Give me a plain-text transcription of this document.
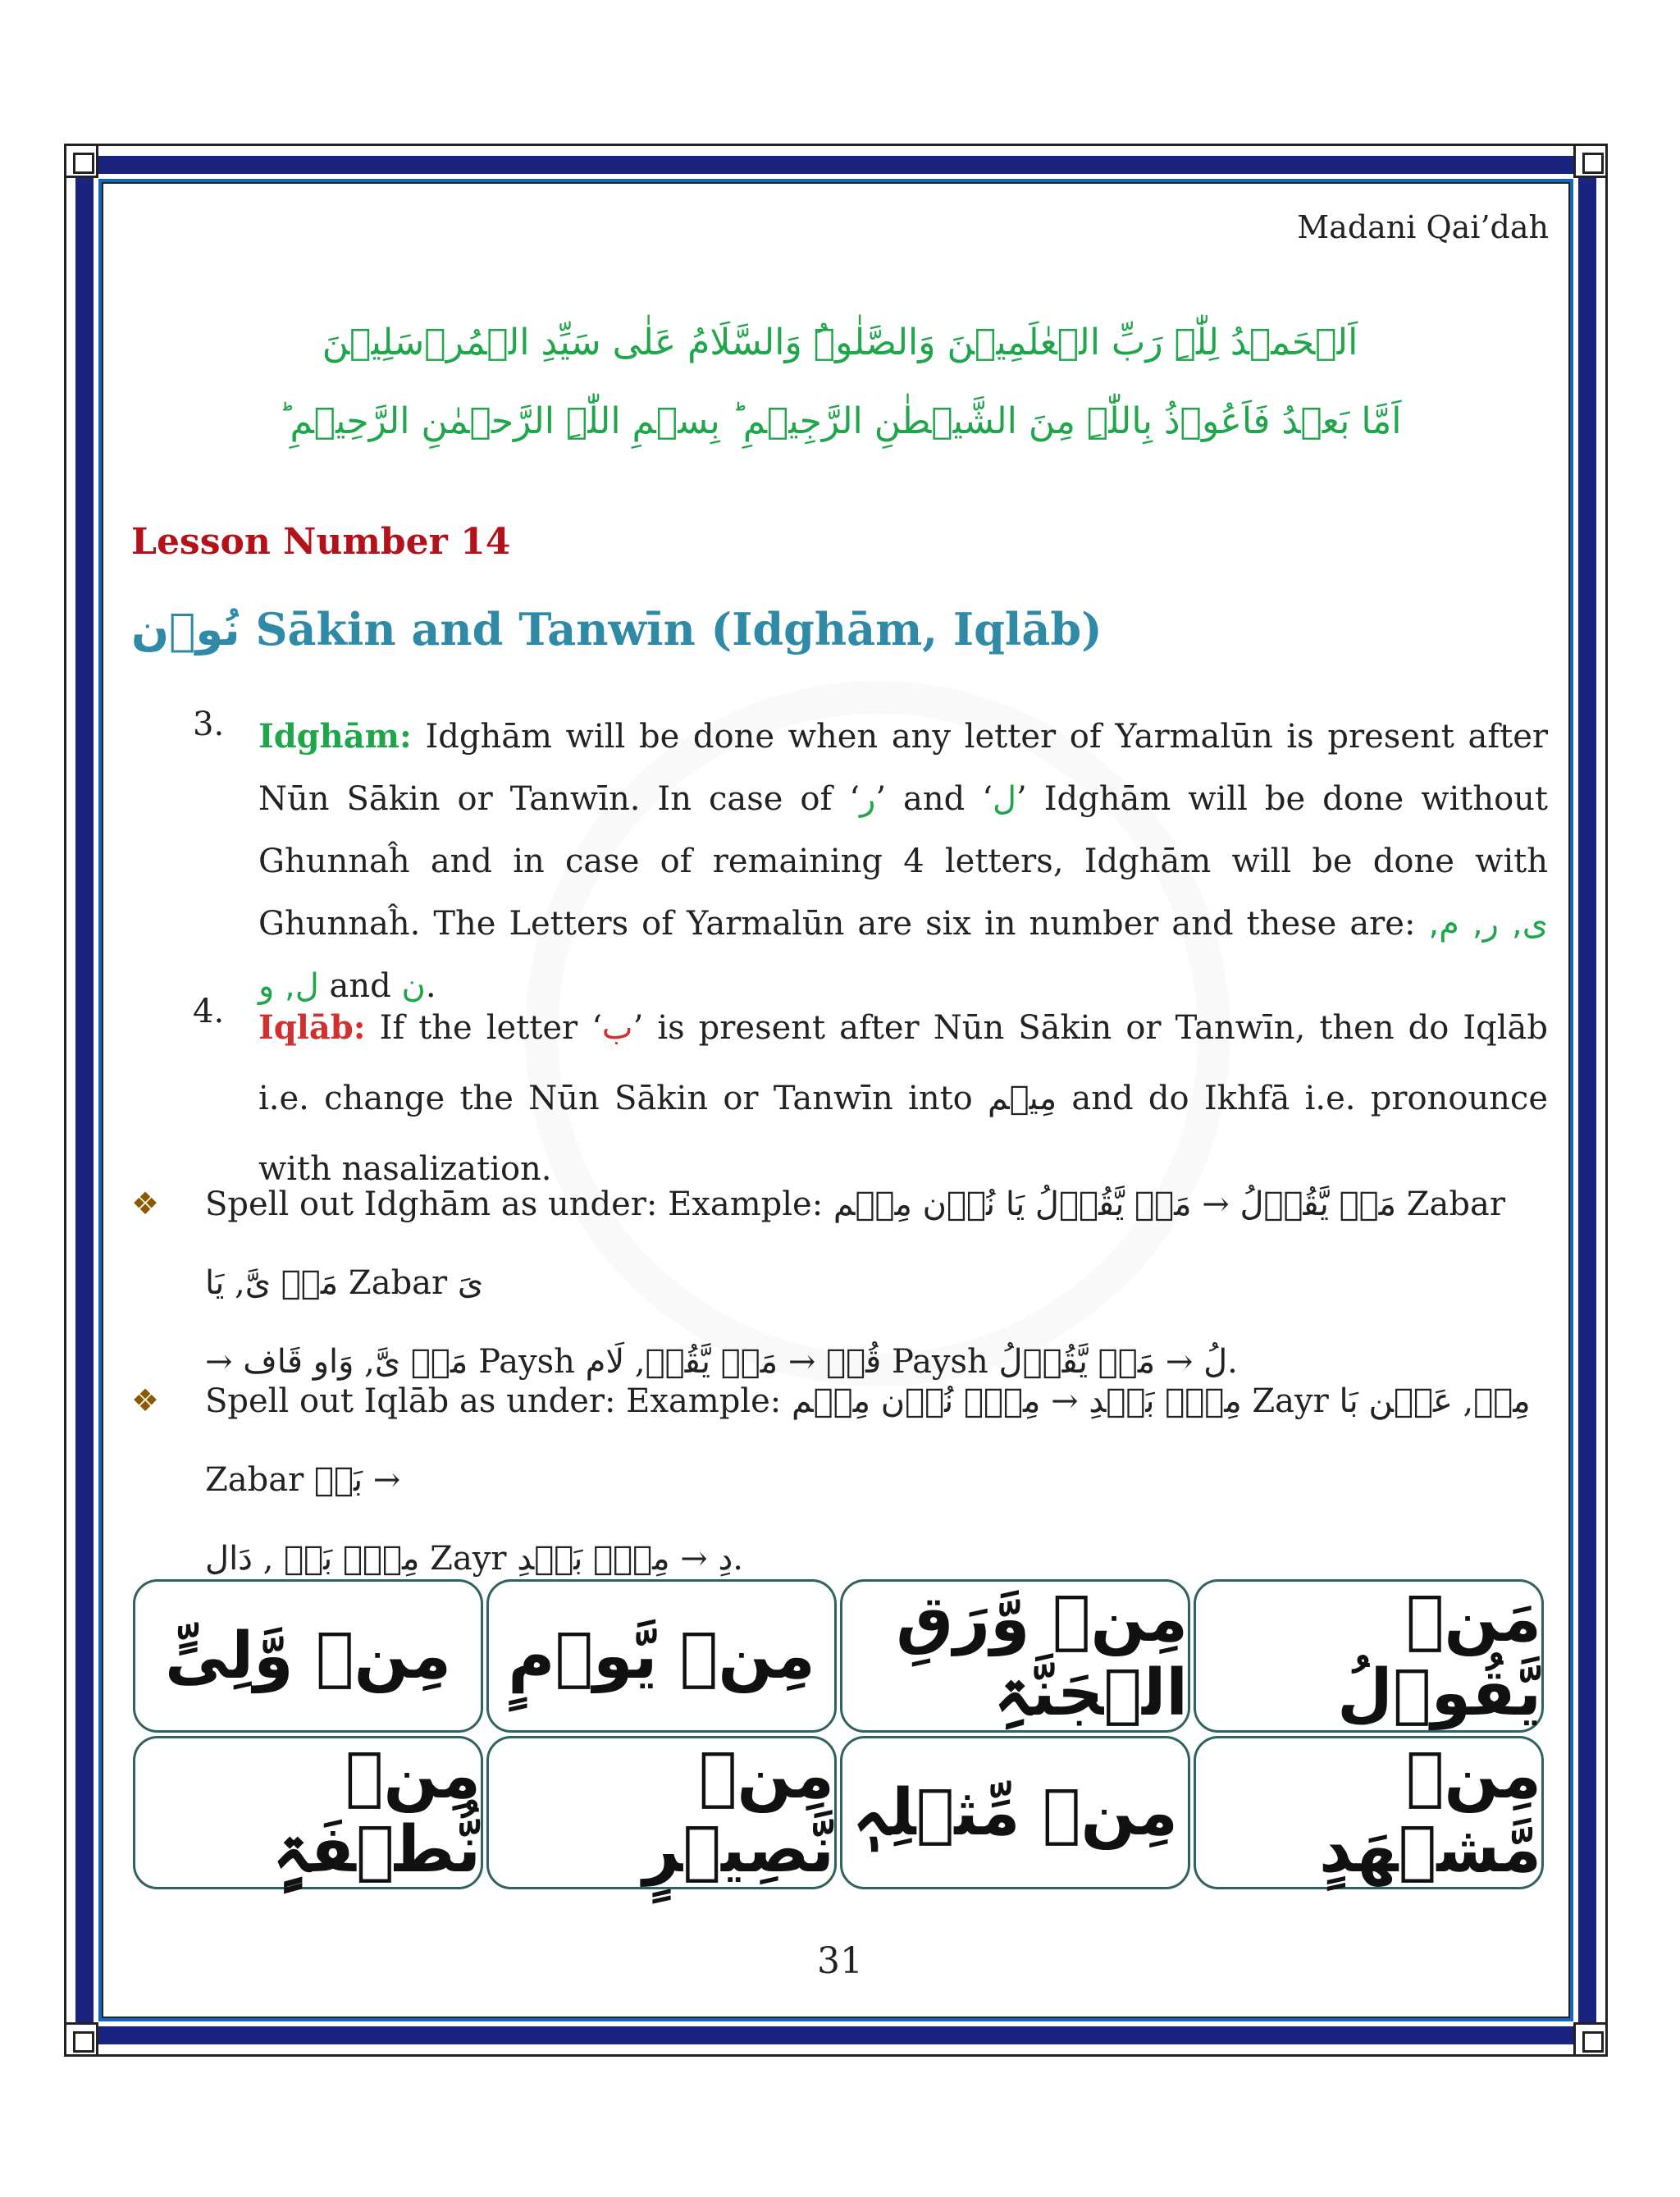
Madani Qai’dah
اَلۡحَمۡدُ لِلّٰہِ رَبِّ الۡعٰلَمِیۡنَ وَالصَّلٰوۃُ وَالسَّلَامُ عَلٰی سَیِّدِ الۡمُرۡسَلِیۡنَ
اَمَّا بَعۡدُ فَاَعُوۡذُ بِاللّٰہِ مِنَ الشَّیۡطٰنِ الرَّجِیۡمِ ؕ بِسۡمِ اللّٰہِ الرَّحۡمٰنِ الرَّحِیۡمِ ؕ
Lesson Number 14
نُوۡن Sākin and Tanwīn (Idghām, Iqlāb)
3. Idghām: Idghām will be done when any letter of Yarmalūn is present after Nūn Sākin or Tanwīn. In case of ‘ر’ and ‘ل’ Idghām will be done without Ghunnaĥ and in case of remaining 4 letters, Idghām will be done with Ghunnaĥ. The Letters of Yarmalūn are six in number and these are: ی, ر, م, ل, و and ن.
4. Iqlāb: If the letter ‘ب’ is present after Nūn Sākin or Tanwīn, then do Iqlāb i.e. change the Nūn Sākin or Tanwīn into مِیۡم and do Ikhfā i.e. pronounce with nasalization.
❖ Spell out Idghām as under: Example: مَنۡ یَّقُوۡلُ → مَنۡ یَّقُوۡلُ یَا نُوۡن مِیۡم Zabar مَنۡ یَّ, یَا Zabar یَ
→ مَنۡ یَّ, وَاو قَاف Paysh قُوۡ → مَنۡ یَّقُوۡ, لَام Paysh لُ → مَنۡ یَّقُوۡلُ.
❖ Spell out Iqlāb as under: Example: مِنۡۢ بَعۡدِ → مِنۡۢ نُوۡن مِیۡم Zayr مِنۡ, عَیۡن بَا Zabar بَعۡ →
مِنۡۢ بَعۡ , دَال Zayr دِ → مِنۡۢ بَعۡدِ.
مَنۡ یَّقُوۡلُ
مِنۡ وَّرَقِ الۡجَنَّۃِ
مِنۡ یَّوۡمٍ
مِنۡ وَّلِیٍّ
مِنۡ مَّشۡھَدٍ
مِنۡ مِّثۡلِہٖ
مِنۡ نَّصِیۡرٍ
مِنۡ نُّطۡفَۃٍ
31
